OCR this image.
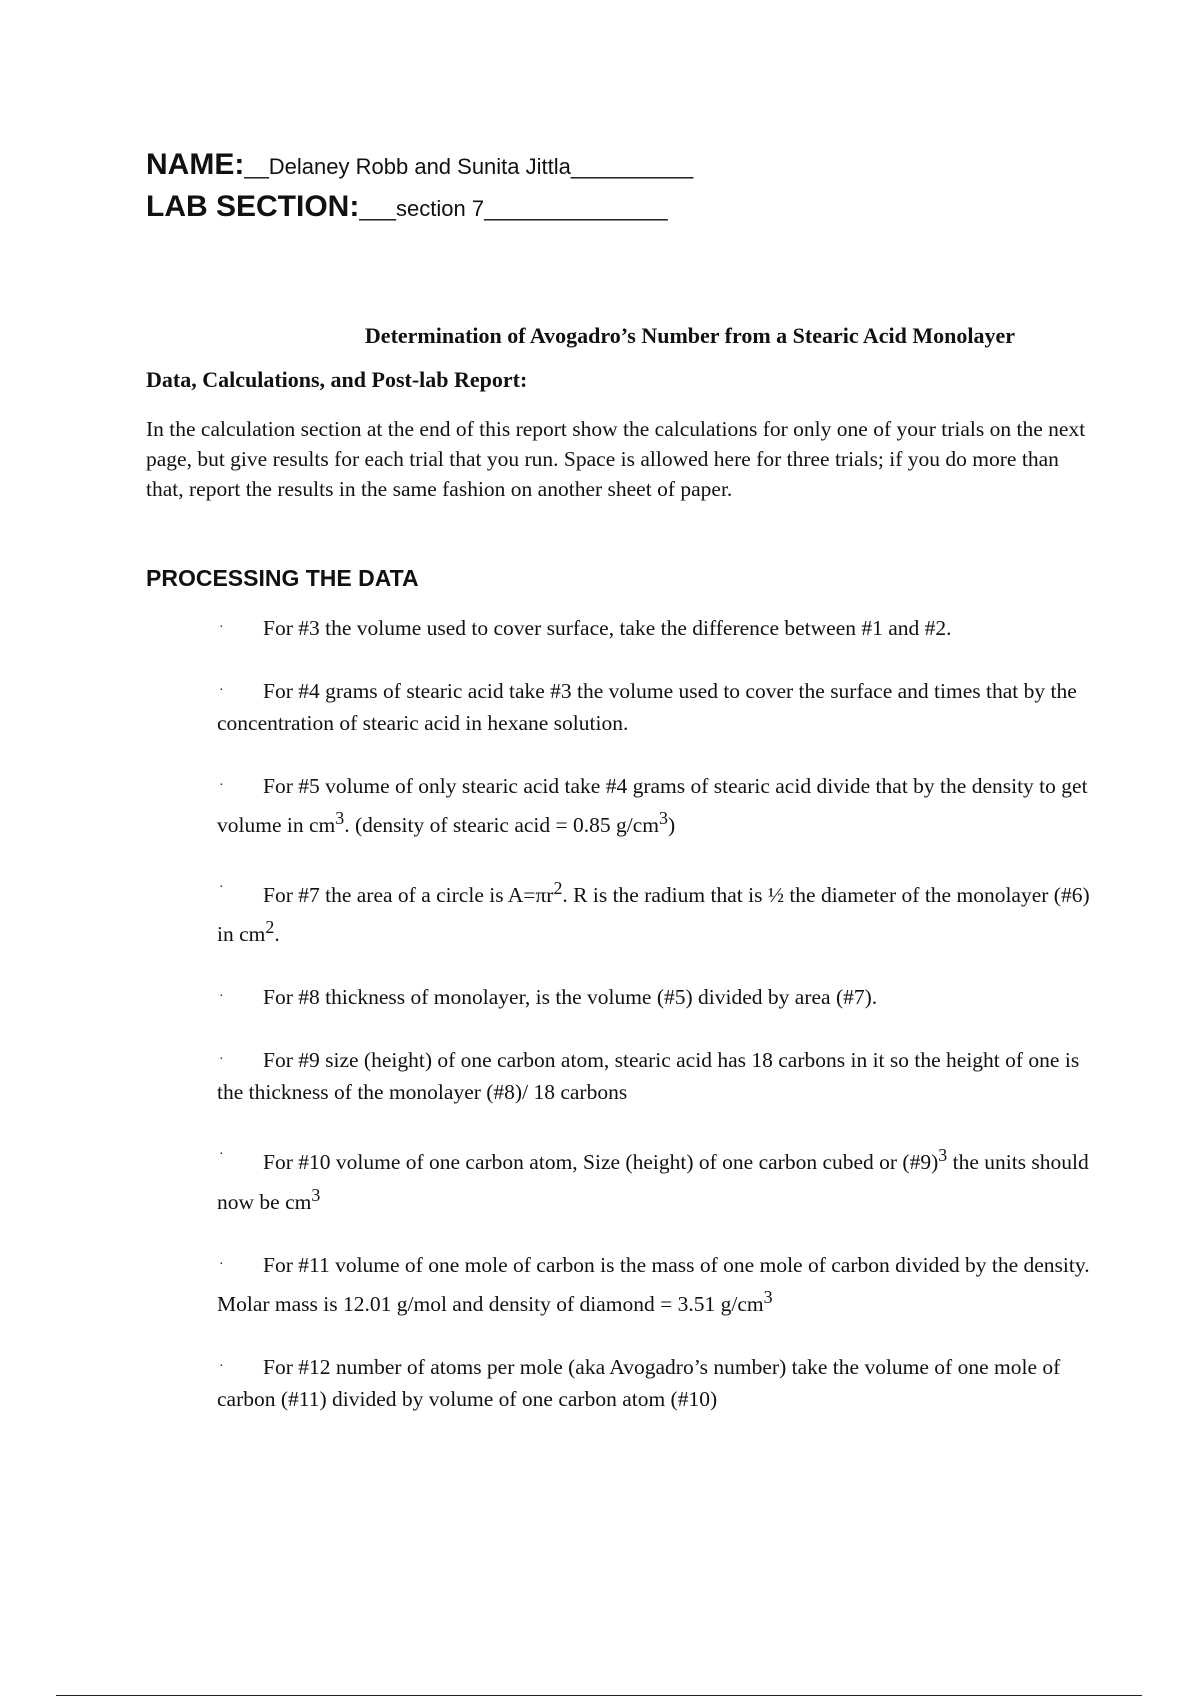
NAME:__Delaney Robb and Sunita Jittla__________
LAB SECTION:___section 7_______________
Determination of Avogadro’s Number from a Stearic Acid Monolayer
Data, Calculations, and Post-lab Report:

In the calculation section at the end of this report show the calculations for only one of your trials on the next page, but give results for each trial that you run. Space is allowed here for three trials; if you do more than that, report the results in the same fashion on another sheet of paper.

PROCESSING THE DATA
· For #3 the volume used to cover surface, take the difference between #1 and #2.
· For #4 grams of stearic acid take #3 the volume used to cover the surface and times that by the concentration of stearic acid in hexane solution.
· For #5 volume of only stearic acid take #4 grams of stearic acid divide that by the density to get volume in $cm^3$. (density of stearic acid = 0.85 $g/cm^3$)
· For #7 the area of a circle is $A=\pi r^2$. R is the radium that is ½ the diameter of the monolayer (#6) in $cm^2$.
· For #8 thickness of monolayer, is the volume (#5) divided by area (#7).
· For #9 size (height) of one carbon atom, stearic acid has 18 carbons in it so the height of one is the thickness of the monolayer (#8)/ 18 carbons
· For #10 volume of one carbon atom, Size (height) of one carbon cubed or (#9)$^3$ the units should now be $cm^3$
· For #11 volume of one mole of carbon is the mass of one mole of carbon divided by the density. Molar mass is 12.01 g/mol and density of diamond = 3.51 $g/cm^3$
· For #12 number of atoms per mole (aka Avogadro’s number) take the volume of one mole of carbon (#11) divided by volume of one carbon atom (#10)
